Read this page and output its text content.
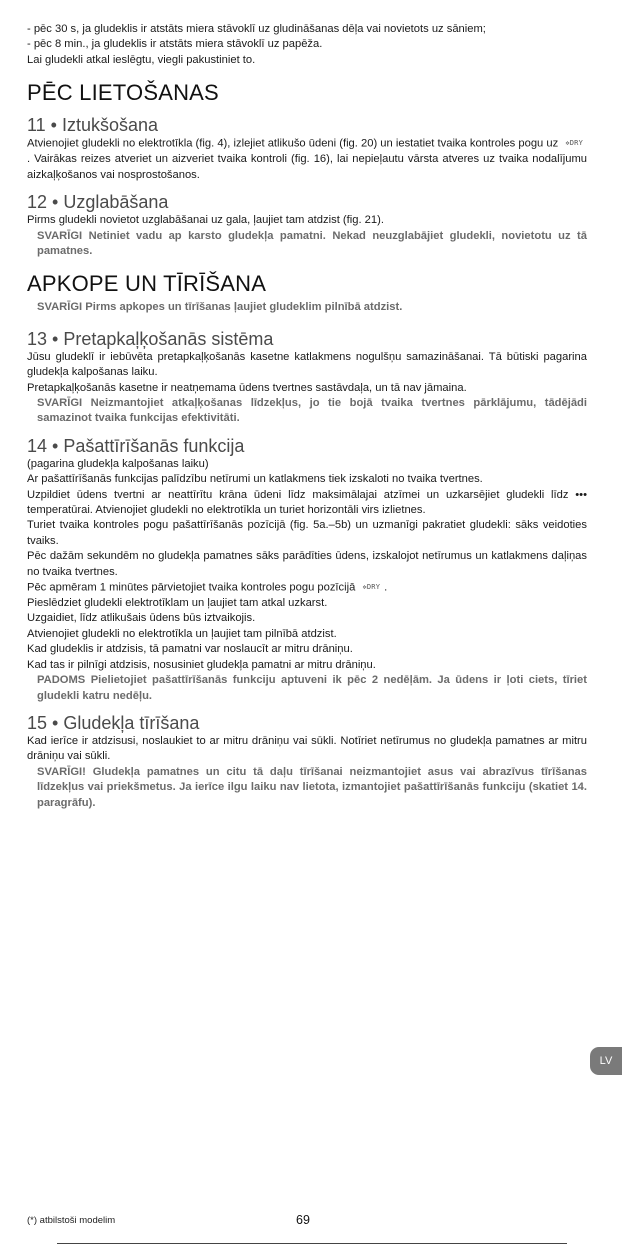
- pēc 30 s, ja gludeklis ir atstāts miera stāvoklī uz gludināšanas dēļa vai novietots uz sāniem;

- pēc 8 min., ja gludeklis ir atstāts miera stāvoklī uz papēža.

Lai gludekli atkal ieslēgtu, viegli pakustiniet to.

PĒC LIETOŠANAS
11 • Iztukšošana

Atvienojiet gludekli no elektrotīkla (fig. 4), izlejiet atlikušo ūdeni (fig. 20) un iestatiet tvaika kontroles pogu uz ✲DRY . Vairākas reizes atveriet un aizveriet tvaika kontroli (fig. 16), lai nepieļautu vārsta atveres uz tvaika nodalījumu aizkaļķošanos vai nosprostošanos.

12 • Uzglabāšana

Pirms gludekli novietot uzglabāšanai uz gala, ļaujiet tam atdzist (fig. 21).

SVARĪGI Netiniet vadu ap karsto gludekļa pamatni. Nekad neuzglabājiet gludekli, novietotu uz tā pamatnes.

APKOPE UN TĪRĪŠANA

SVARĪGI Pirms apkopes un tīrīšanas ļaujiet gludeklim pilnībā atdzist.

13 • Pretapkaļķošanās sistēma

Jūsu gludeklī ir iebūvēta pretapkaļķošanās kasetne katlakmens nogulšņu samazināšanai. Tā būtiski pagarina gludekļa kalpošanas laiku.

Pretapkaļķošanās kasetne ir neatņemama ūdens tvertnes sastāvdaļa, un tā nav jāmaina.

SVARĪGI Neizmantojiet atkaļķošanas līdzekļus, jo tie bojā tvaika tvertnes pārklājumu, tādējādi samazinot tvaika funkcijas efektivitāti.

14 • Pašattīrīšanās funkcija

(pagarina gludekļa kalpošanas laiku)

Ar pašattīrīšanās funkcijas palīdzību netīrumi un katlakmens tiek izskaloti no tvaika tvertnes.

Uzpildiet ūdens tvertni ar neattīrītu krāna ūdeni līdz maksimālajai atzīmei un uzkarsējiet gludekli līdz ••• temperatūrai. Atvienojiet gludekli no elektrotīkla un turiet horizontāli virs izlietnes.

Turiet tvaika kontroles pogu pašattīrīšanās pozīcijā (fig. 5a.–5b) un uzmanīgi pakratiet gludekli: sāks veidoties tvaiks.

Pēc dažām sekundēm no gludekļa pamatnes sāks parādīties ūdens, izskalojot netīrumus un katlakmens daļiņas no tvaika tvertnes.

Pēc apmēram 1 minūtes pārvietojiet tvaika kontroles pogu pozīcijā ✲DRY .

Pieslēdziet gludekli elektrotīklam un ļaujiet tam atkal uzkarst.

Uzgaidiet, līdz atlikušais ūdens būs iztvaikojis.

Atvienojiet gludekli no elektrotīkla un ļaujiet tam pilnībā atdzist.

Kad gludeklis ir atdzisis, tā pamatni var noslaucīt ar mitru drāniņu.

Kad tas ir pilnīgi atdzisis, nosusiniet gludekļa pamatni ar mitru drāniņu.

PADOMS Pielietojiet pašattīrīšanās funkciju aptuveni ik pēc 2 nedēļām. Ja ūdens ir ļoti ciets, tīriet gludekli katru nedēļu.

15 • Gludekļa tīrīšana

Kad ierīce ir atdzisusi, noslaukiet to ar mitru drāniņu vai sūkli. Notīriet netīrumus no gludekļa pamatnes ar mitru drāniņu vai sūkli.

SVARĪGI! Gludekļa pamatnes un citu tā daļu tīrīšanai neizmantojiet asus vai abrazīvus tīrīšanas līdzekļus vai priekšmetus. Ja ierīce ilgu laiku nav lietota, izmantojiet pašattīrīšanās funkciju (skatiet 14. paragrāfu).

LV
(*) atbilstoši modelim	69
